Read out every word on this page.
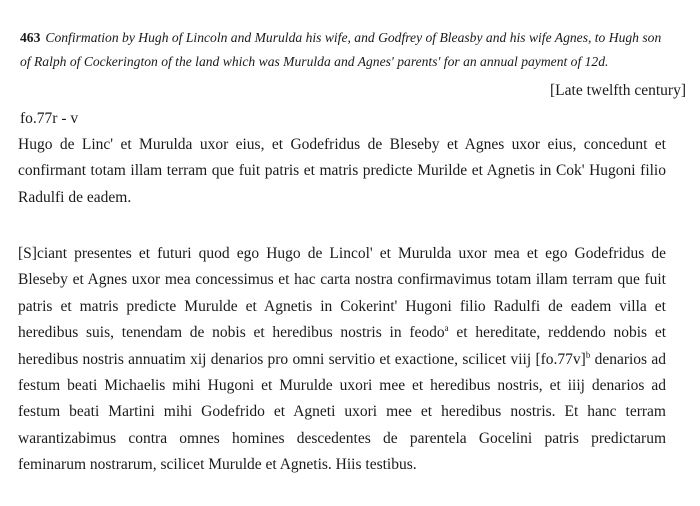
463 Confirmation by Hugh of Lincoln and Murulda his wife, and Godfrey of Bleasby and his wife Agnes, to Hugh son
of Ralph of Cockerington of the land which was Murulda and Agnes' parents' for an annual payment of 12d.
[Late twelfth century]
fo.77r - v
Hugo de Linc' et Murulda uxor eius, et Godefridus de Bleseby et Agnes uxor eius, concedunt et
confirmant totam illam terram que fuit patris et matris predicte Murilde et Agnetis in Cok' Hugoni filio
Radulfi de eadem.
[S]ciant presentes et futuri quod ego Hugo de Lincol' et Murulda uxor mea et ego Godefridus de
Bleseby et Agnes uxor mea concessimus et hac carta nostra confirmavimus totam illam terram que fuit
patris et matris predicte Murulde et Agnetis in Cokerint' Hugoni filio Radulfi de eadem villa et
heredibus suis, tenendam de nobis et heredibus nostris in feodo$^a$ et hereditate, reddendo nobis et
heredibus nostris annuatim xij denarios pro omni servitio et exactione, scilicet viij $[fo.77v]^b$ denarios ad
festum beati Michaelis mihi Hugoni et Murulde uxori mee et heredibus nostris, et iiij denarios ad
festum beati Martini mihi Godefrido et Agneti uxori mee et heredibus nostris. Et hanc terram
warantizabimus contra omnes homines descedentes de parentela Gocelini patris predictarum
feminarum nostrarum, scilicet Murulde et Agnetis. Hiis testibus.
